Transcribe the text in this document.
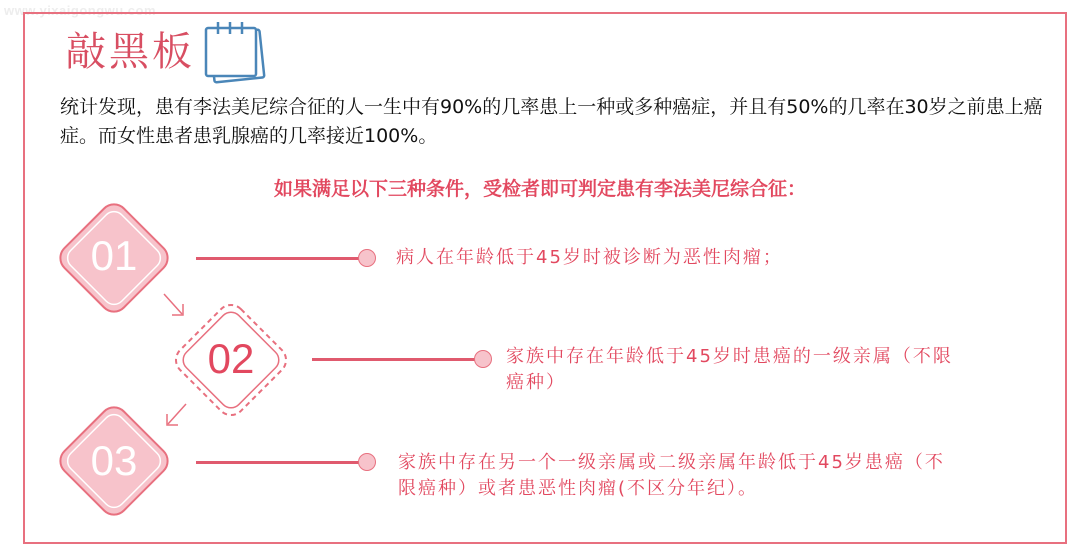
www.yixaigongwu.com
敲黑板
统计发现，患有李法美尼综合征的人一生中有90%的几率患上一种或多种癌症，并且有50%的几率在30岁之前患上癌症。而女性患者患乳腺癌的几率接近100%。
如果满足以下三种条件，受检者即可判定患有李法美尼综合征：
01
02
03
病人在年龄低于45岁时被诊断为恶性肉瘤；
家族中存在年龄低于45岁时患癌的一级亲属（不限癌种）
家族中存在另一个一级亲属或二级亲属年龄低于45岁患癌（不限癌种）或者患恶性肉瘤(不区分年纪）。
